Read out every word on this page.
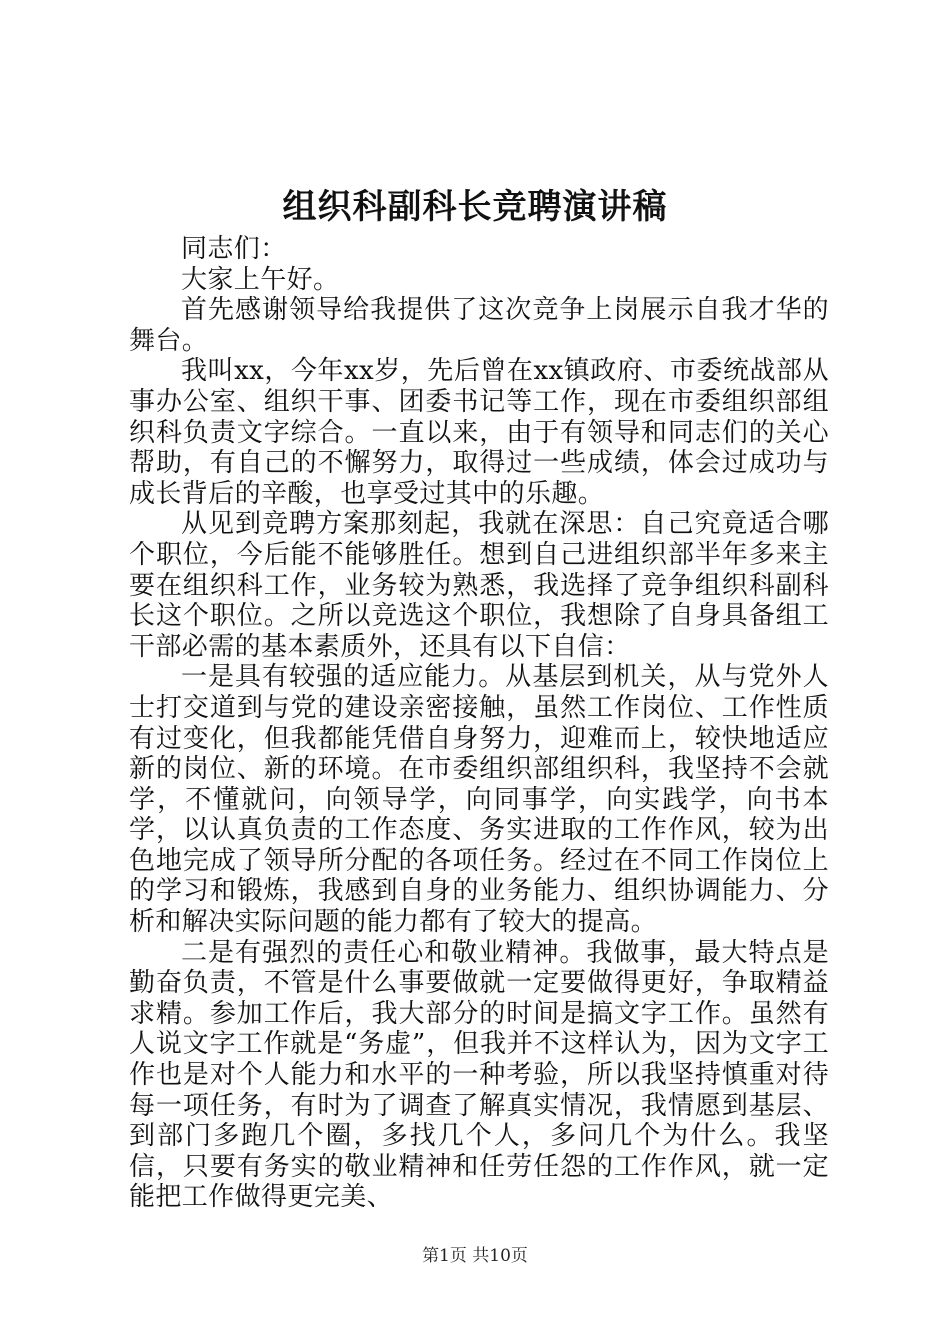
组织科副科长竞聘演讲稿

同志们：

大家上午好。

首先感谢领导给我提供了这次竞争上岗展示自我才华的舞台。

我叫xx，今年xx岁，先后曾在xx镇政府、市委统战部从事办公室、组织干事、团委书记等工作，现在市委组织部组织科负责文字综合。一直以来，由于有领导和同志们的关心帮助，有自己的不懈努力，取得过一些成绩，体会过成功与成长背后的辛酸，也享受过其中的乐趣。

从见到竞聘方案那刻起，我就在深思：自己究竟适合哪个职位，今后能不能够胜任。想到自己进组织部半年多来主要在组织科工作，业务较为熟悉，我选择了竞争组织科副科长这个职位。之所以竞选这个职位，我想除了自身具备组工干部必需的基本素质外，还具有以下自信：

一是具有较强的适应能力。从基层到机关，从与党外人士打交道到与党的建设亲密接触，虽然工作岗位、工作性质有过变化，但我都能凭借自身努力，迎难而上，较快地适应新的岗位、新的环境。在市委组织部组织科，我坚持不会就学，不懂就问，向领导学，向同事学，向实践学，向书本学，以认真负责的工作态度、务实进取的工作作风，较为出色地完成了领导所分配的各项任务。经过在不同工作岗位上的学习和锻炼，我感到自身的业务能力、组织协调能力、分析和解决实际问题的能力都有了较大的提高。

二是有强烈的责任心和敬业精神。我做事，最大特点是勤奋负责，不管是什么事要做就一定要做得更好，争取精益求精。参加工作后，我大部分的时间是搞文字工作。虽然有人说文字工作就是“务虚”，但我并不这样认为，因为文字工作也是对个人能力和水平的一种考验，所以我坚持慎重对待每一项任务，有时为了调查了解真实情况，我情愿到基层、到部门多跑几个圈，多找几个人，多问几个为什么。我坚信，只要有务实的敬业精神和任劳任怨的工作作风，就一定能把工作做得更完美、

第1页 共10页
